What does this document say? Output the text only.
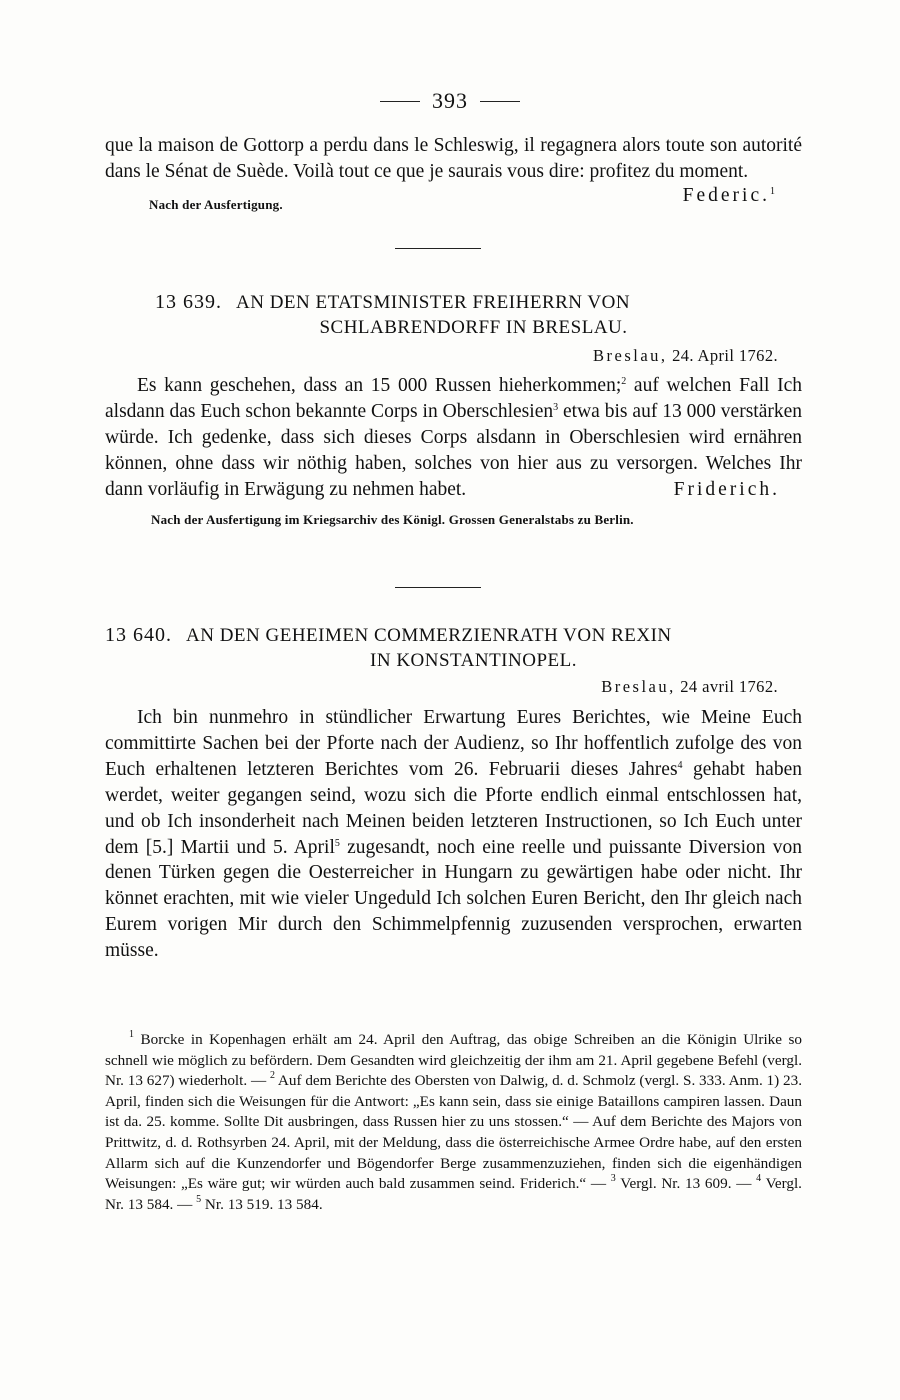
393

que la maison de Gottorp a perdu dans le Schleswig, il regagnera alors toute son autorité dans le Sénat de Suède. Voilà tout ce que je saurais vous dire: profitez du moment.

Nach der Ausfertigung.	Federic.$^1$
13 639. AN DEN ETATSMINISTER FREIHERRN VON
SCHLABRENDORFF IN BRESLAU.
Breslau, 24. April 1762.

Es kann geschehen, dass an 15 000 Russen hieherkommen;$^2$ auf welchen Fall Ich alsdann das Euch schon bekannte Corps in Oberschlesien$^3$ etwa bis auf 13 000 verstärken würde. Ich gedenke, dass sich dieses Corps alsdann in Oberschlesien wird ernähren können, ohne dass wir nöthig haben, solches von hier aus zu versorgen. Welches Ihr dann vorläufig in Erwägung zu nehmen habet.	Friderich.
Nach der Ausfertigung im Kriegsarchiv des Königl. Grossen Generalstabs zu Berlin.
13 640. AN DEN GEHEIMEN COMMERZIENRATH VON REXIN
IN KONSTANTINOPEL.
Breslau, 24 avril 1762.

Ich bin nunmehro in stündlicher Erwartung Eures Berichtes, wie Meine Euch committirte Sachen bei der Pforte nach der Audienz, so Ihr hoffentlich zufolge des von Euch erhaltenen letzteren Berichtes vom 26. Februarii dieses Jahres$^4$ gehabt haben werdet, weiter gegangen seind, wozu sich die Pforte endlich einmal entschlossen hat, und ob Ich insonderheit nach Meinen beiden letzteren Instructionen, so Ich Euch unter dem [5.] Martii und 5. April$^5$ zugesandt, noch eine reelle und puissante Diversion von denen Türken gegen die Oesterreicher in Hungarn zu gewärtigen habe oder nicht. Ihr könnet erachten, mit wie vieler Ungeduld Ich solchen Euren Bericht, den Ihr gleich nach Eurem vorigen Mir durch den Schimmelpfennig zuzusenden versprochen, erwarten müsse.

$^1$ Borcke in Kopenhagen erhält am 24. April den Auftrag, das obige Schreiben an die Königin Ulrike so schnell wie möglich zu befördern. Dem Gesandten wird gleichzeitig der ihm am 21. April gegebene Befehl (vergl. Nr. 13 627) wiederholt. — $^2$ Auf dem Berichte des Obersten von Dalwig, d. d. Schmolz (vergl. S. 333. Anm. 1) 23. April, finden sich die Weisungen für die Antwort: „Es kann sein, dass sie einige Bataillons campiren lassen. Daun ist da. 25. komme. Sollte Dit ausbringen, dass Russen hier zu uns stossen.“ — Auf dem Berichte des Majors von Prittwitz, d. d. Rothsyrben 24. April, mit der Meldung, dass die österreichische Armee Ordre habe, auf den ersten Allarm sich auf die Kunzendorfer und Bögendorfer Berge zusammenzuziehen, finden sich die eigenhändigen Weisungen: „Es wäre gut; wir würden auch bald zusammen seind. Friderich.“ — $^3$ Vergl. Nr. 13 609. — $^4$ Vergl. Nr. 13 584. — $^5$ Nr. 13 519. 13 584.
